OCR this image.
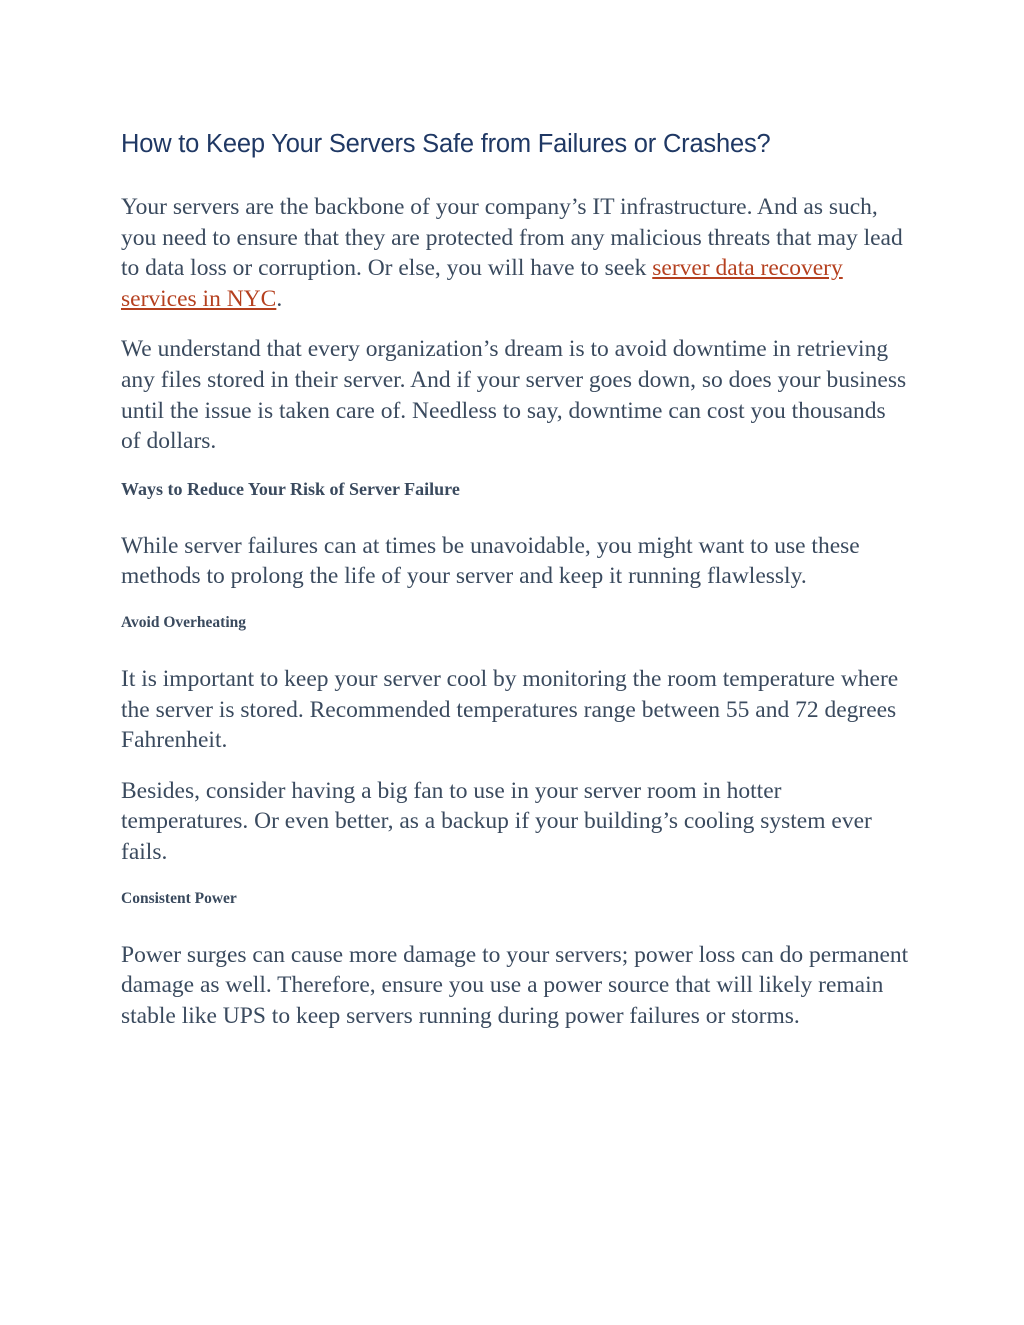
How to Keep Your Servers Safe from Failures or Crashes?

Your servers are the backbone of your company’s IT infrastructure. And as such, you need to ensure that they are protected from any malicious threats that may lead to data loss or corruption. Or else, you will have to seek server data recovery services in NYC.

We understand that every organization’s dream is to avoid downtime in retrieving any files stored in their server. And if your server goes down, so does your business until the issue is taken care of. Needless to say, downtime can cost you thousands of dollars.

Ways to Reduce Your Risk of Server Failure

While server failures can at times be unavoidable, you might want to use these methods to prolong the life of your server and keep it running flawlessly.

Avoid Overheating

It is important to keep your server cool by monitoring the room temperature where the server is stored. Recommended temperatures range between 55 and 72 degrees Fahrenheit.

Besides, consider having a big fan to use in your server room in hotter temperatures. Or even better, as a backup if your building’s cooling system ever fails.

Consistent Power

Power surges can cause more damage to your servers; power loss can do permanent damage as well. Therefore, ensure you use a power source that will likely remain stable like UPS to keep servers running during power failures or storms.
